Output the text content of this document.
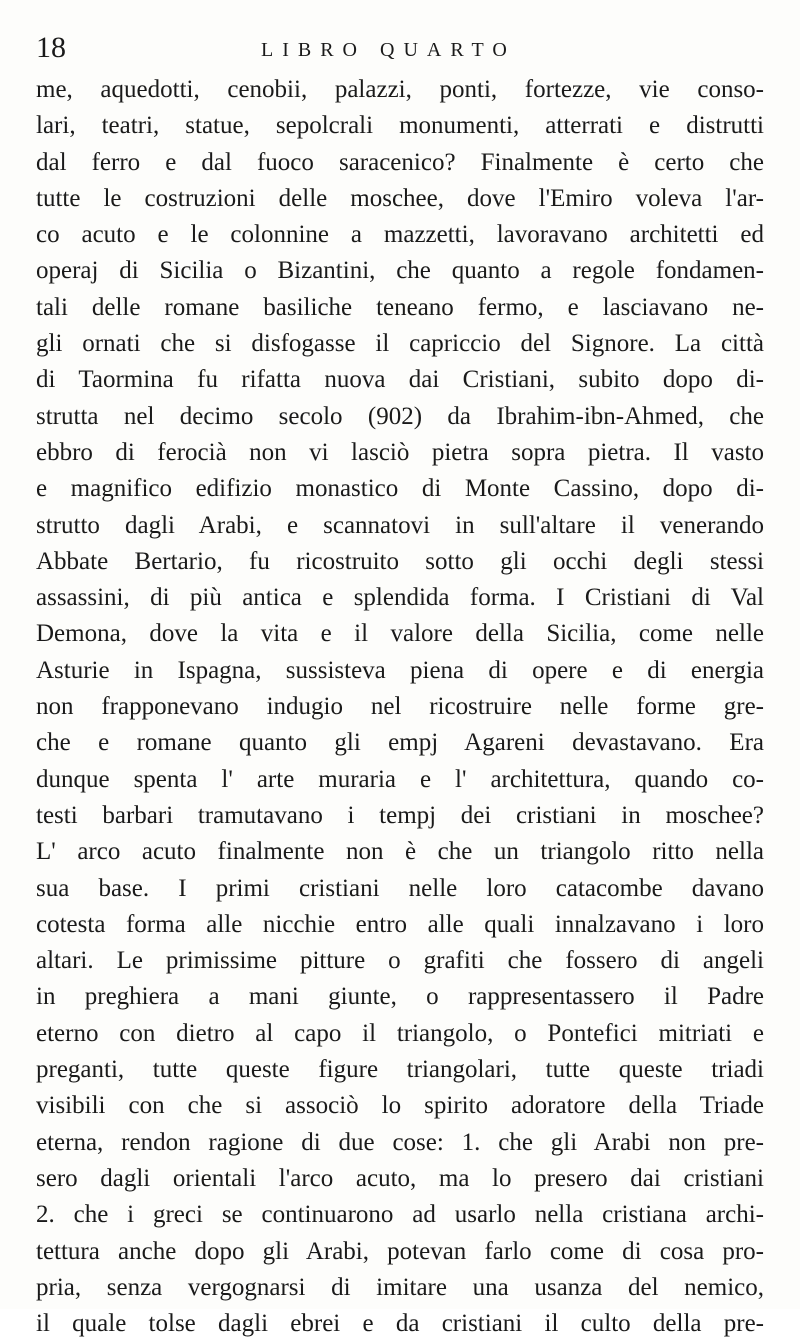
18	LIBRO QUARTO
me, aquedotti, cenobii, palazzi, ponti, fortezze, vie conso-
lari, teatri, statue, sepolcrali monumenti, atterrati e distrutti
dal ferro e dal fuoco saracenico? Finalmente è certo che
tutte le costruzioni delle moschee, dove l'Emiro voleva l'ar-
co acuto e le colonnine a mazzetti, lavoravano architetti ed
operaj di Sicilia o Bizantini, che quanto a regole fondamen-
tali delle romane basiliche teneano fermo, e lasciavano ne-
gli ornati che si disfogasse il capriccio del Signore. La città
di Taormina fu rifatta nuova dai Cristiani, subito dopo di-
strutta nel decimo secolo (902) da Ibrahim-ibn-Ahmed, che
ebbro di ferocià non vi lasciò pietra sopra pietra. Il vasto
e magnifico edifizio monastico di Monte Cassino, dopo di-
strutto dagli Arabi, e scannatovi in sull'altare il venerando
Abbate Bertario, fu ricostruito sotto gli occhi degli stessi
assassini, di più antica e splendida forma. I Cristiani di Val
Demona, dove la vita e il valore della Sicilia, come nelle
Asturie in Ispagna, sussisteva piena di opere e di energia
non frapponevano indugio nel ricostruire nelle forme gre-
che e romane quanto gli empj Agareni devastavano. Era
dunque spenta l' arte muraria e l' architettura, quando co-
testi barbari tramutavano i tempj dei cristiani in moschee?
L' arco acuto finalmente non è che un triangolo ritto nella
sua base. I primi cristiani nelle loro catacombe davano
cotesta forma alle nicchie entro alle quali innalzavano i loro
altari. Le primissime pitture o grafiti che fossero di angeli
in preghiera a mani giunte, o rappresentassero il Padre
eterno con dietro al capo il triangolo, o Pontefici mitriati e
preganti, tutte queste figure triangolari, tutte queste triadi
visibili con che si associò lo spirito adoratore della Triade
eterna, rendon ragione di due cose: 1. che gli Arabi non pre-
sero dagli orientali l'arco acuto, ma lo presero dai cristiani
2. che i greci se continuarono ad usarlo nella cristiana archi-
tettura anche dopo gli Arabi, potevan farlo come di cosa pro-
pria, senza vergognarsi di imitare una usanza del nemico,
il quale tolse dagli ebrei e da cristiani il culto della pre-
